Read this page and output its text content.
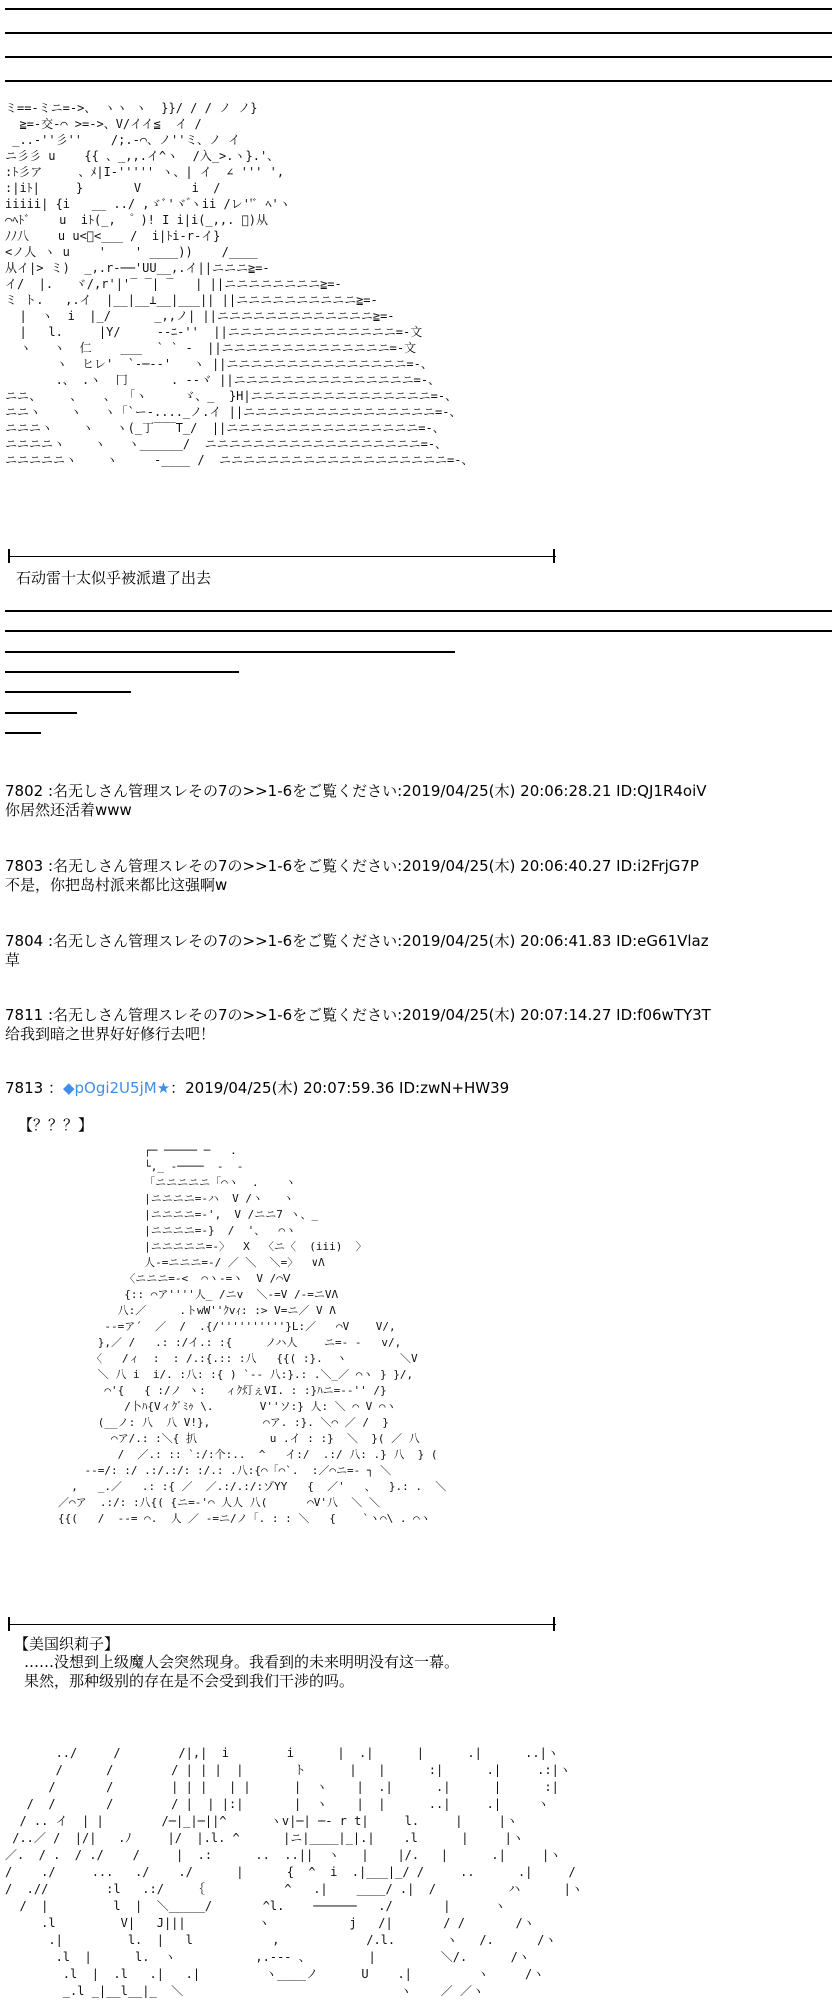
ミ==-ミニ=->、 ヽヽ ヽ  }}/ / / ノ ノ}
≧=-交-⌒ >=->、V/イイ≦  イ /
_..-''彡''    /;.-⌒、ノ''ミ、ノ イ
ニ彡彡 u    {{ 、_,,.イ^ヽ  /入_>.ヽ}.'、
:ﾄ彡ア     、ﾒ|I-''''' ヽ、| イ  ∠ ''' ',
:|iﾄ|     }       V       i  /
iiiii| {i   __ ../ ,ゞﾞ'ヾ ゙ヽii /レ''ﾞ ﾍ'ヽ
⌒ﾍﾄﾞ    u  iﾄ(_,   ゚ )! I i|i(_,,. ゚)从
ﾉﾉ八    u u<゙<___ /  i|ﾄi-r‐イ}
<ノ人 ヽ u    '    ' ____))    /____
从イ|> ミ)  _,.r-──'UU__,.イ||ニニニ≧=-
イ/  |.   ヾ/,r'|'‾ ‾| ‾   | ||ニニニニニニニニ≧=-
ミ ト.   ,.イ  |__|__⊥__|___|| ||ニニニニニニニニニニ≧=-
|  ヽ  i  |_/      _,,ノ| ||ニニニニニニニニニニニニニ≧=-
|   l.     |Y/     --ﾆ-''  ||ニニニニニニニニニニニニニニ=-文
ヽ   ヽ  仁    ___  ` ` ‐  ||ニニニニニニニニニニニニニニ=-文
ヽ  ヒレ'  `‐─--'   ヽ ||ニニニニニニニニニニニニニニニ=-、
.、 .ヽ  冂      . -‐ヾ ||ニニニニニニニニニニニニニニニ=-、
ニニ、    、   、 「ヽ     ゞ、_  }H|ニニニニニニニニニニニニニニニ=-、
ニニヽ    ヽ   ヽ「`ー-...._ノ.イ ||ニニニニニニニニニニニニニニニニ=-、
ニニニヽ    ヽ   ヽ(_丁‾‾‾T_/  ||ニニニニニニニニニニニニニニニニ=-、
ニニニニヽ    ヽ   ヽ______/  ニニニニニニニニニニニニニニニニニニ=-、
ニニニニニヽ    ヽ     ‐____ /  ニニニニニニニニニニニニニニニニニニニ=-、

石动雷十太似乎被派遣了出去
7802 :名无しさん管理スレその7の>>1-6をご覧ください:2019/04/25(木) 20:06:28.21 ID:QJ1R4oiV
你居然还活着www
7803 :名无しさん管理スレその7の>>1-6をご覧ください:2019/04/25(木) 20:06:40.27 ID:i2FrjG7P
不是，你把岛村派来都比这强啊w
7804 :名无しさん管理スレその7の>>1-6をご覧ください:2019/04/25(木) 20:06:41.83 ID:eG61Vlaz
草
7811 :名无しさん管理スレその7の>>1-6をご覧ください:2019/04/25(木) 20:07:14.27 ID:f06wTY3T
给我到暗之世界好好修行去吧！
7813 ：◆pOgi2U5jM★：2019/04/25(木) 20:07:59.36 ID:zwN+HW39
【？？？】
┌─ ───── ─   .
└,_ ‐────  ‐  ‐
「ニニニニニ「⌒ヽ  .    ヽ
|ニニニニ=-ハ  V /ヽ   ヽ
|ニニニニ=-',  V /ニニ7 ヽ、_
|ニニニニ=-}  /  '、  ⌒ヽ
|ニニニニニ=-〉  X  〈ニ〈  (iii)  〉
人-=ニニニ=-/ ／ ＼  ＼=〉  ∨Λ
〈ニニニ=-<  ⌒ヽ-=ヽ  V /⌒Ⅴ
{:: ⌒ア''''人_ /ニv  ＼-=V /-=ニVΛ
八:／     .トwW''ｸvｨ: :> V=ニ／ V Λ
--=ア´  ／  /  .{/''''''''''}L:／   ⌒V    V/,
},／ /   .: :/イ.: :{     ノハ人    ニ=‐ -   v/,
〈   /ィ  :  : /.:{.:: :八   {{( :}.  ヽ        ＼V
＼ 八 i  i/. :八: :{ ) `‐‐ 八:}.: .＼_／ ⌒ヽ } }/,
⌒'{   { :/ノ ヽ:   ィｸ灯ぇVI. : :}ﾊニ=‐-'' /}
/卜ﾊ{Vィｸﾞﾐｩ \.       V''ソ:} 人: ＼ ⌒ V ⌒ヽ
(__ノ: 八  八 V!},        ⌒ア. :}. ＼⌒ ／ /  }
⌒ア/.: :＼{ 扒           u .イ : :}  ＼  }( ／ 八
/  ／.: :: `:/:个:..  ^   イ:/  .:/ 八: .} 八  } (
--=/: :/ .:/.:/: :/.: .八:{⌒「⌒`.  :／⌒ニ=‐ ┐ ＼
,   _.／   .: :{ ／  ／.:/.:/:ゾYY   {  ／'   、  }.: .  ＼
／⌒ア  .:/: :八{( {ニ=‐'⌒ 人人 八(      ⌒V'八  ＼ ＼
{{(   /  --= ⌒.  人 ／ -=ニ/ノ「. : : ＼   {    `ヽ⌒\ . ⌒ヽ

【美国织莉子】
……没想到上级魔人会突然现身。我看到的未来明明没有这一幕。
果然，那种级别的存在是不会受到我们干涉的吗。
../     /        /|,|  i        i      |  .|      |      .|      ..|ヽ
/      /        / | | |  |       ト      |   |      :|      .|     .:|ヽ
/       /        | | |   | |      |  ヽ    |  .|      .|      |      :|
/  /       /        / |  | |:|       |  ヽ    |  |      ..|     .|     ヽ
/ .. イ  | |        /─|_|─||^      ヽv|─| ─‐ r t|     l.     |     |ヽ
/..／ /  |/|   .ﾉ     |/  |.l. ^      |ニ|____|_|.|    .l      |     |ヽ
／.  / .  / ./    /     |  .:      ..  ..||  ヽ   |    |/.   |      .|     |ヽ
/    ./     ...   ./    ./      |      {  ^  i  .|___|_/ /     ..      .|     /
/  .//        :l   .:/    ｛           ^   .|    ____/ .|  /          ハ      |ヽ
/  |         l  |  ＼_____/       ^l.    ──────   ./       |      ヽ
.l         V|   J|||          ヽ           j   /|       / /       /ヽ
.|         l.  |   l           ,            /.l.       ヽ   /.      /ヽ
.l  |      l.  ヽ           ,.--- 、        |         ＼/.      /ヽ
.l  |  .l   .|   .|         ヽ____ノ      U    .|         ヽ     /ヽ
_.l _|__l__|_  ＼                              ヽ    ／ ／ヽ
